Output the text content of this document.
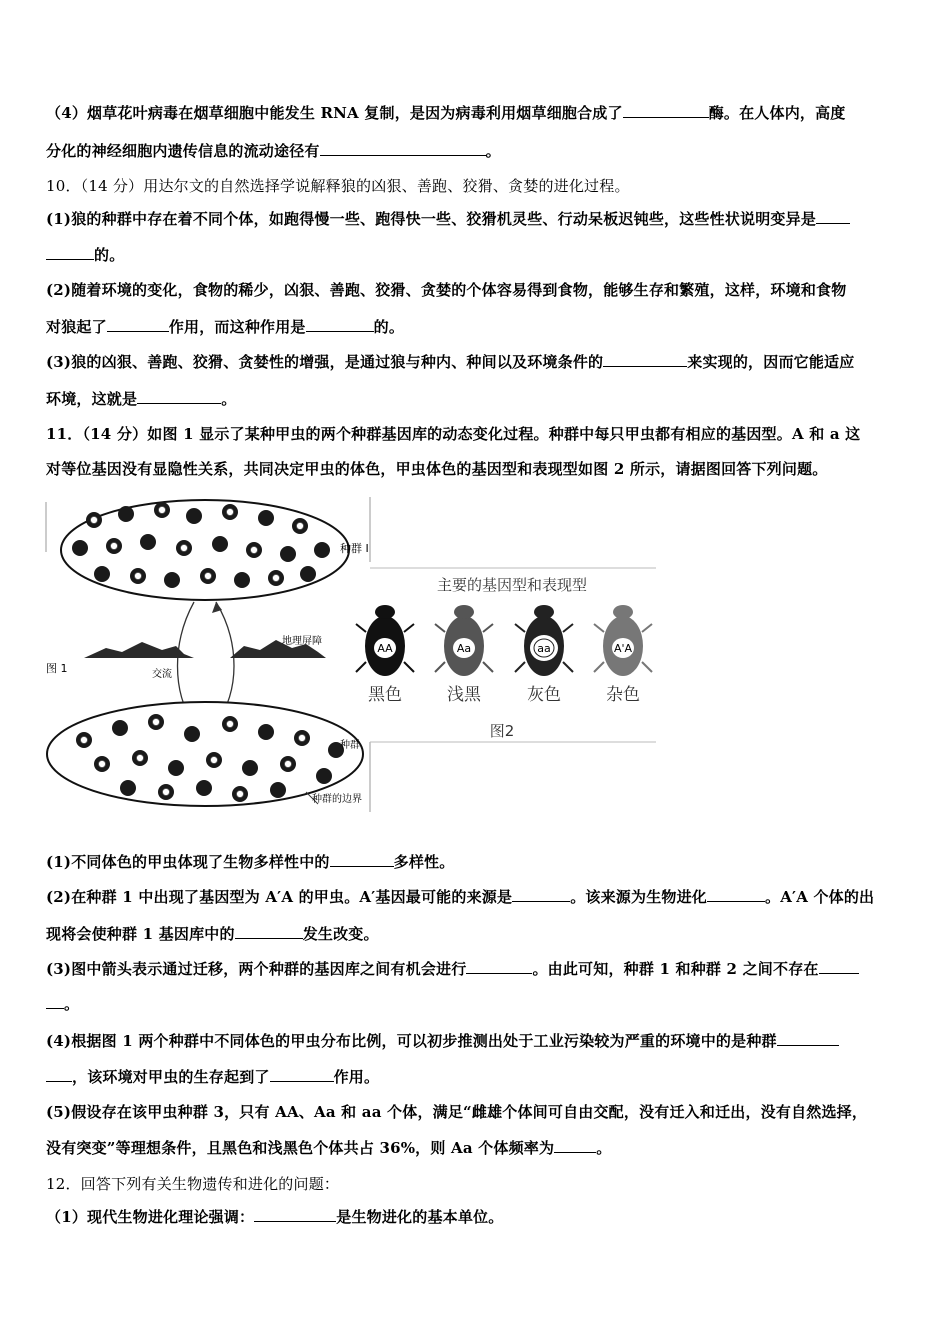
（4）烟草花叶病毒在烟草细胞中能发生 RNA 复制，是因为病毒利用烟草细胞合成了	酶。在人体内，高度
分化的神经细胞内遗传信息的流动途径有	。
10．（14 分）用达尔文的自然选择学说解释狼的凶狠、善跑、狡猾、贪婪的进化过程。
(1)狼的种群中存在着不同个体，如跑得慢一些、跑得快一些、狡猾机灵些、行动呆板迟钝些，这些性状说明变异是
的。
(2)随着环境的变化，食物的稀少，凶狠、善跑、狡猾、贪婪的个体容易得到食物，能够生存和繁殖，这样，环境和食物
对狼起了	作用，而这种作用是	的。
(3)狼的凶狠、善跑、狡猾、贪婪性的增强，是通过狼与种内、种间以及环境条件的	来实现的，因而它能适应
环境，这就是	。
11．（14 分）如图 1 显示了某种甲虫的两个种群基因库的动态变化过程。种群中每只甲虫都有相应的基因型。A 和 a 这
对等位基因没有显隐性关系，共同决定甲虫的体色，甲虫体色的基因型和表现型如图 2 所示，请据图回答下列问题。
种群 I
交流
地理屏障
图 1
种群
种群的边界
主要的基因型和表现型
AA	Aa	aa	A'A
黑色	浅黑	灰色	杂色
图2
(1)不同体色的甲虫体现了生物多样性中的	多样性。
(2)在种群 1 中出现了基因型为 A′A 的甲虫。A′基因最可能的来源是	。该来源为生物进化	。A′A 个体的出
现将会使种群 1 基因库中的	发生改变。
(3)图中箭头表示通过迁移，两个种群的基因库之间有机会进行	。由此可知，种群 1 和种群 2 之间不存在
。
(4)根据图 1 两个种群中不同体色的甲虫分布比例，可以初步推测出处于工业污染较为严重的环境中的是种群
，该环境对甲虫的生存起到了	作用。
(5)假设存在该甲虫种群 3，只有 AA、Aa 和 aa 个体，满足“雌雄个体间可自由交配，没有迁入和迁出，没有自然选择，
没有突变”等理想条件，且黑色和浅黑色个体共占 36%，则 Aa 个体频率为	。
12．回答下列有关生物遗传和进化的问题：
（1）现代生物进化理论强调：	是生物进化的基本单位。
